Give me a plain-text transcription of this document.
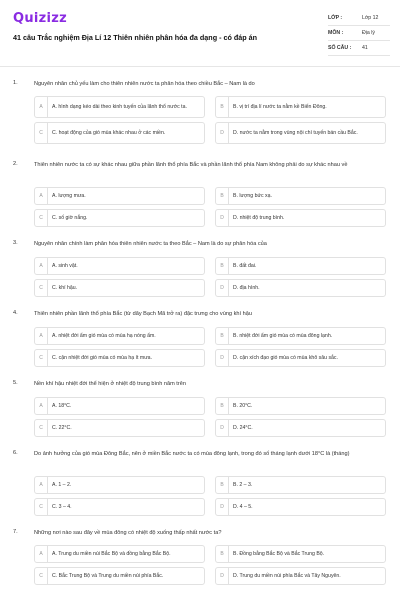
Quizizz
41 câu Trắc nghiệm Địa Lí 12 Thiên nhiên phân hóa đa dạng - có đáp án
LỚP :	Lớp 12
MÔN :	Địa lý
SỐ CÂU :	41
1.	Nguyên nhân chủ yếu làm cho thiên nhiên nước ta phân hóa theo chiều Bắc – Nam là do
A	A. hình dạng kéo dài theo kinh tuyến của lãnh thổ nước ta.	B	B. vị trí địa lí nước ta nằm kề Biển Đông.
C	C. hoạt động của gió mùa khác nhau ở các miền.	D	D. nước ta nằm trong vùng nội chí tuyến bán cầu Bắc.
2.	Thiên nhiên nước ta có sự khác nhau giữa phần lãnh thổ phía Bắc và phần lãnh thổ phía Nam không phải do sự khác nhau về
A	A. lượng mưa.	B	B. lượng bức xạ.
C	C. số giờ nắng.	D	D. nhiệt độ trung bình.
3.	Nguyên nhân chính làm phân hóa thiên nhiên nước ta theo Bắc – Nam là do sự phân hóa của
A	A. sinh vật.	B	B. đất đai.
C	C. khí hậu.	D	D. địa hình.
4.	Thiên nhiên phần lãnh thổ phía Bắc (từ dãy Bạch Mã trở ra) đặc trưng cho vùng khí hậu
A	A. nhiệt đới ẩm gió mùa có mùa hạ nóng ẩm.	B	B. nhiệt đới ẩm gió mùa có mùa đông lạnh.
C	C. cận nhiệt đới gió mùa có mùa hạ ít mưa.	D	D. cận xích đạo gió mùa có mùa khô sâu sắc.
5.	Nền khí hậu nhiệt đới thể hiện ở nhiệt độ trung bình năm trên
A	A. 18°C.	B	B. 20°C.
C	C. 22°C.	D	D. 24°C.
6.	Do ảnh hưởng của gió mùa Đông Bắc, nên ở miền Bắc nước ta có mùa đông lạnh, trong đó số tháng lạnh dưới 18°C là (tháng)
A	A. 1 – 2.	B	B. 2 – 3.
C	C. 3 – 4.	D	D. 4 – 5.
7.	Những nơi nào sau đây về mùa đông có nhiệt độ xuống thấp nhất nước ta?
A	A. Trung du miền núi Bắc Bộ và đồng bằng Bắc Bộ.	B	B. Đồng bằng Bắc Bộ và Bắc Trung Bộ.
C	C. Bắc Trung Bộ và Trung du miền núi phía Bắc.	D	D. Trung du miền núi phía Bắc và Tây Nguyên.
